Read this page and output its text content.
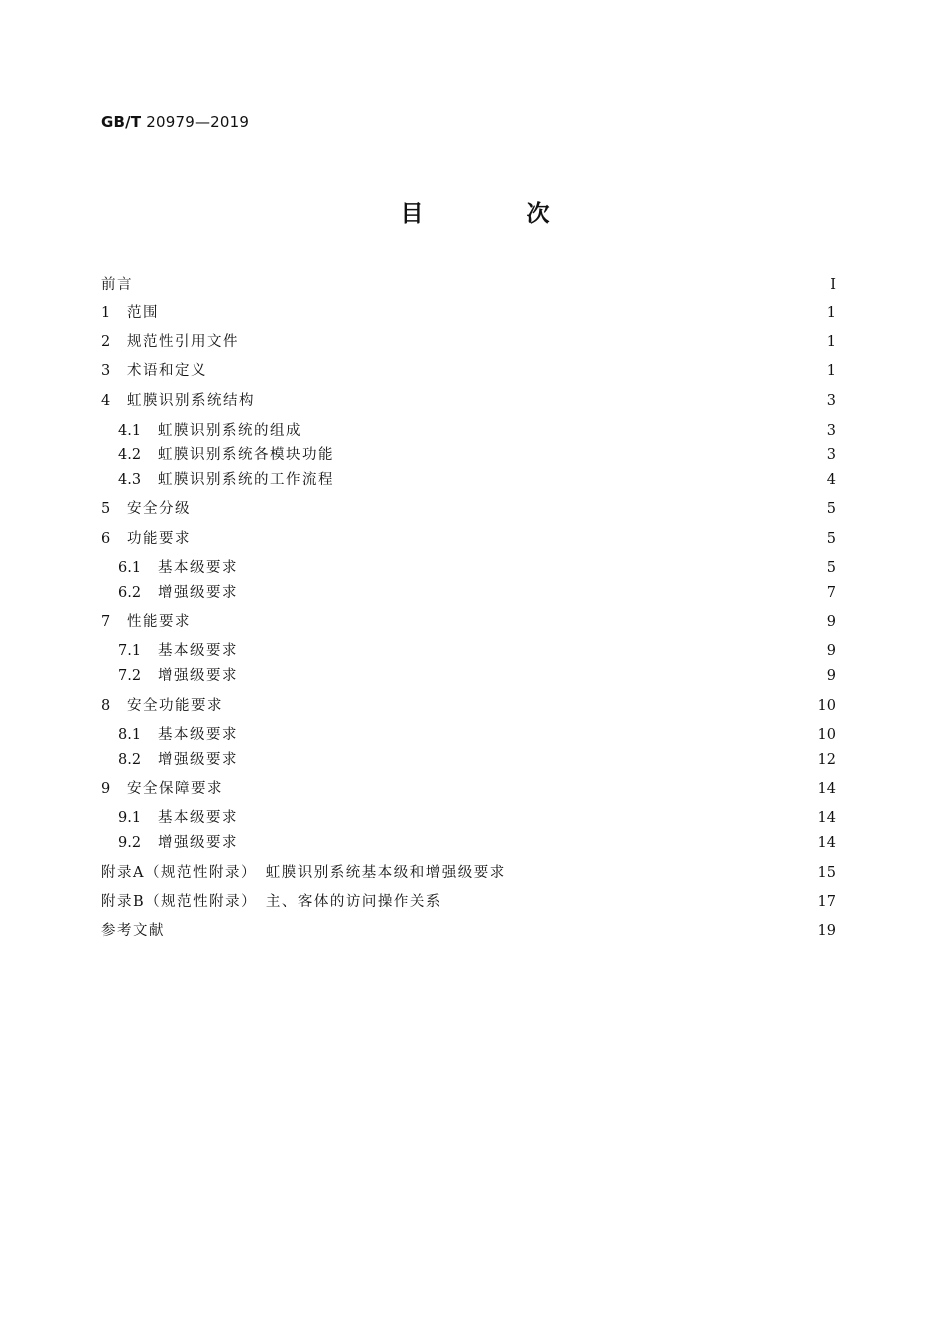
GB/T 20979—2019
目　次
前言	Ⅰ
1	范围	1
2	规范性引用文件	1
3	术语和定义	1
4	虹膜识别系统结构	3
4.1	虹膜识别系统的组成	3
4.2	虹膜识别系统各模块功能	3
4.3	虹膜识别系统的工作流程	4
5	安全分级	5
6	功能要求	5
6.1	基本级要求	5
6.2	增强级要求	7
7	性能要求	9
7.1	基本级要求	9
7.2	增强级要求	9
8	安全功能要求	10
8.1	基本级要求	10
8.2	增强级要求	12
9	安全保障要求	14
9.1	基本级要求	14
9.2	增强级要求	14
附录A（规范性附录）　虹膜识别系统基本级和增强级要求	15
附录B（规范性附录）　主、客体的访问操作关系	17
参考文献	19
